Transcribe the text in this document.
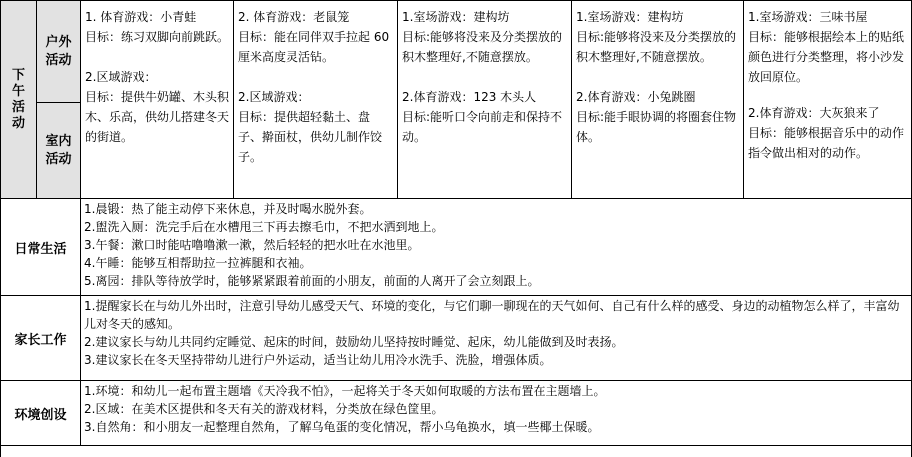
下
午
活
动
户外活动
室内活动
1. 体育游戏：小青蛙
目标：练习双脚向前跳跃。
2.区域游戏：
目标：提供牛奶罐、木头积木、乐高，供幼儿搭建冬天的街道。
2. 体育游戏：老鼠笼
目标：能在同伴双手拉起 60 厘米高度灵活钻。
2.区域游戏：
目标：提供超轻黏土、盘子、擀面杖，供幼儿制作饺子。
1.室场游戏：建构坊
目标:能够将没来及分类摆放的积木整理好,不随意摆放。
2.体育游戏：123 木头人
目标:能听口令向前走和保持不动。
1.室场游戏：建构坊
目标:能够将没来及分类摆放的积木整理好,不随意摆放。
2.体育游戏：小兔跳圈
目标:能手眼协调的将圈套住物体。
1.室场游戏：三味书屋
目标：能够根据绘本上的贴纸颜色进行分类整理，将小沙发放回原位。
2.体育游戏：大灰狼来了
目标：能够根据音乐中的动作指令做出相对的动作。
日常生活
1.晨锻：热了能主动停下来休息，并及时喝水脱外套。
2.盥洗入厕：洗完手后在水槽甩三下再去擦毛巾，不把水洒到地上。
3.午餐：漱口时能咕噜噜漱一漱，然后轻轻的把水吐在水池里。
4.午睡：能够互相帮助拉一拉裤腿和衣袖。
5.离园：排队等待放学时，能够紧紧跟着前面的小朋友，前面的人离开了会立刻跟上。
家长工作
1.提醒家长在与幼儿外出时，注意引导幼儿感受天气、环境的变化，与它们聊一聊现在的天气如何、自己有什么样的感受、身边的动植物怎么样了，丰富幼儿对冬天的感知。
2.建议家长与幼儿共同约定睡觉、起床的时间，鼓励幼儿坚持按时睡觉、起床，幼儿能做到及时表扬。
3.建议家长在冬天坚持带幼儿进行户外运动，适当让幼儿用冷水洗手、洗脸，增强体质。
环境创设
1.环境：和幼儿一起布置主题墙《天冷我不怕》，一起将关于冬天如何取暖的方法布置在主题墙上。
2.区域：在美术区提供和冬天有关的游戏材料，分类放在绿色筐里。
3.自然角：和小朋友一起整理自然角，了解乌龟蛋的变化情况，帮小乌龟换水，填一些椰土保暖。
